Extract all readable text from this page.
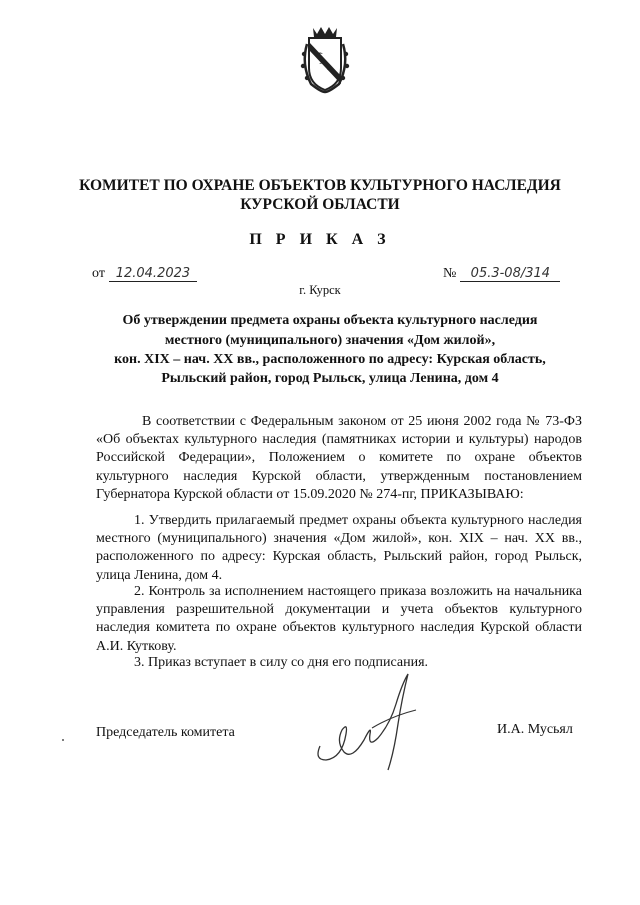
КОМИТЕТ ПО ОХРАНЕ ОБЪЕКТОВ КУЛЬТУРНОГО НАСЛЕДИЯ
КУРСКОЙ ОБЛАСТИ
П Р И К А З
от 12.04.2023	№ 05.3-08/314
г. Курск
Об утверждении предмета охраны объекта культурного наследия
местного (муниципального) значения «Дом жилой»,
кон. XIX – нач. XX вв., расположенного по адресу: Курская область,
Рыльский район, город Рыльск, улица Ленина, дом 4
В соответствии с Федеральным законом от 25 июня 2002 года № 73-ФЗ «Об объектах культурного наследия (памятниках истории и культуры) народов Российской Федерации», Положением о комитете по охране объектов культурного наследия Курской области, утвержденным постановлением Губернатора Курской области от 15.09.2020 № 274-пг, ПРИКАЗЫВАЮ:
1. Утвердить прилагаемый предмет охраны объекта культурного наследия местного (муниципального) значения «Дом жилой», кон. XIX – нач. XX вв., расположенного по адресу: Курская область, Рыльский район, город Рыльск, улица Ленина, дом 4.
2. Контроль за исполнением настоящего приказа возложить на начальника управления разрешительной документации и учета объектов культурного наследия комитета по охране объектов культурного наследия Курской области А.И. Куткову.
3. Приказ вступает в силу со дня его подписания.
Председатель комитета	И.А. Мусьял
